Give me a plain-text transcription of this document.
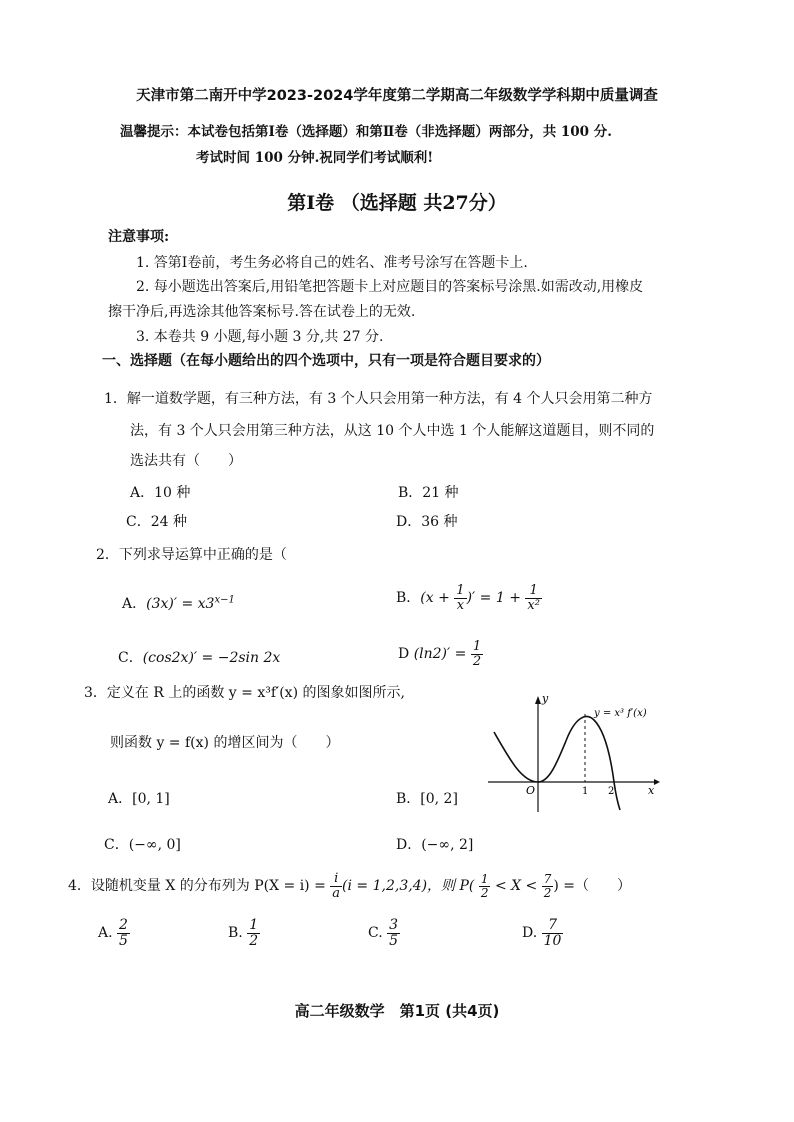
天津市第二南开中学2023-2024学年度第二学期高二年级数学学科期中质量调查
温馨提示：本试卷包括第Ⅰ卷（选择题）和第Ⅱ卷（非选择题）两部分，共 100 分.
考试时间 100 分钟.祝同学们考试顺利!
第Ⅰ卷 （选择题 共27分）
注意事项:
1. 答第Ⅰ卷前，考生务必将自己的姓名、准考号涂写在答题卡上.
2. 每小题选出答案后,用铅笔把答题卡上对应题目的答案标号涂黑.如需改动,用橡皮
擦干净后,再选涂其他答案标号.答在试卷上的无效.
3. 本卷共 9 小题,每小题 3 分,共 27 分.
一、选择题（在每小题给出的四个选项中，只有一项是符合题目要求的）
1．解一道数学题，有三种方法，有 3 个人只会用第一种方法，有 4 个人只会用第二种方
法，有 3 个人只会用第三种方法，从这 10 个人中选 1 个人能解这道题目，则不同的
选法共有（　　）
A．10 种	B．21 种
C．24 种	D．36 种
2．下列求导运算中正确的是（
A．$(3x)' = x3^{x-1}$	B．($x + \frac{1}{x}$ )′ = $1 + \frac{1}{\text{x²}}$
C．(cos2x)′ = −2sin 2x	D $(\ln 2)' = \frac{1}{2}$
3．定义在 R 上的函数 y = x³f′(x) 的图象如图所示,
则函数 y = f(x) 的增区间为（　　）
A．[0, 1]	B．[0, 2]
C．(−∞, 0]	D．(−∞, 2]
y
x
O	1 2
y = x³ f′(x)
4．设随机变量 X 的分布列为 $P(X = i) = \frac{i}{a} (i = 1,2,3,4)$，则 $P( \frac{1}{2} < X < \frac{7}{2}$ ) =（　　）
A. $\frac{2}{5}$	B. $\frac{1}{2}$	C. $\frac{3}{5}$	D. $\frac{7}{10}$
高二年级数学　第1页 (共4页)
